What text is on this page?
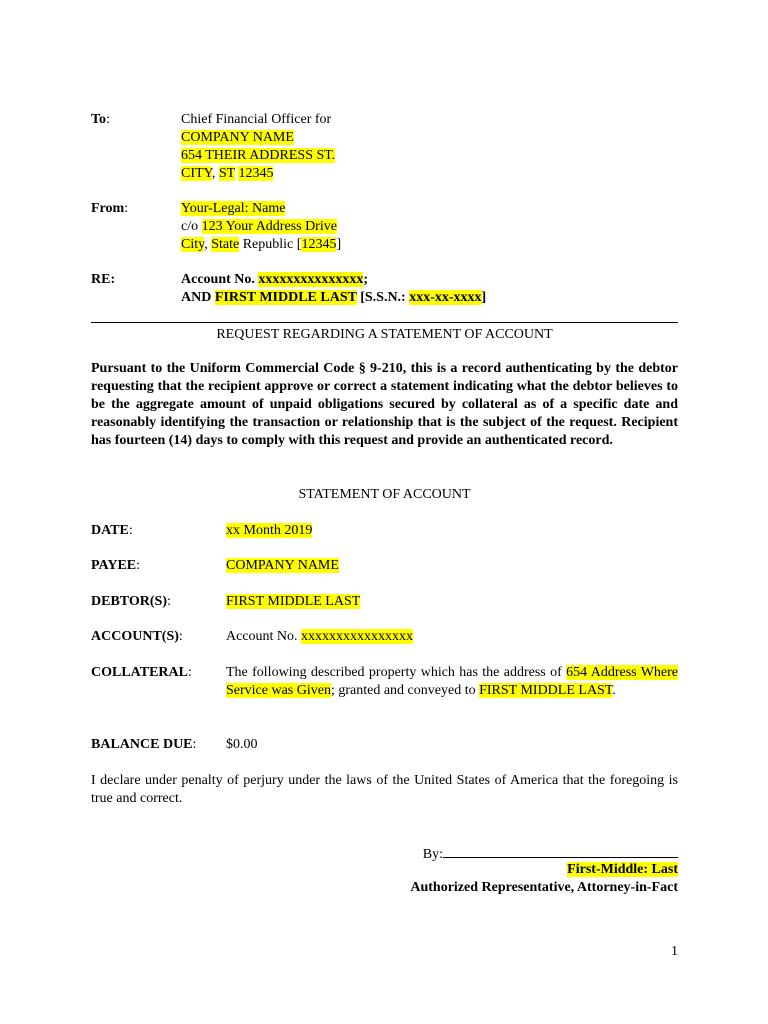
To:	Chief Financial Officer for
COMPANY NAME
654 THEIR ADDRESS ST.
CITY, ST 12345
From:	Your-Legal: Name
c/o 123 Your Address Drive
City, State Republic [12345]
RE:	Account No. xxxxxxxxxxxxxxx;
AND FIRST MIDDLE LAST [S.S.N.: xxx-xx-xxxx]
REQUEST REGARDING A STATEMENT OF ACCOUNT
Pursuant to the Uniform Commercial Code § 9-210, this is a record authenticating by the debtor requesting that the recipient approve or correct a statement indicating what the debtor believes to be the aggregate amount of unpaid obligations secured by collateral as of a specific date and reasonably identifying the transaction or relationship that is the subject of the request. Recipient has fourteen (14) days to comply with this request and provide an authenticated record.
STATEMENT OF ACCOUNT
DATE:	xx Month 2019
PAYEE:	COMPANY NAME
DEBTOR(S):	FIRST MIDDLE LAST
ACCOUNT(S):	Account No. xxxxxxxxxxxxxxxx
COLLATERAL: The following described property which has the address of 654 Address Where Service was Given; granted and conveyed to FIRST MIDDLE LAST.
BALANCE DUE: $0.00
I declare under penalty of perjury under the laws of the United States of America that the foregoing is true and correct.
By:
First-Middle: Last
Authorized Representative, Attorney-in-Fact
1
